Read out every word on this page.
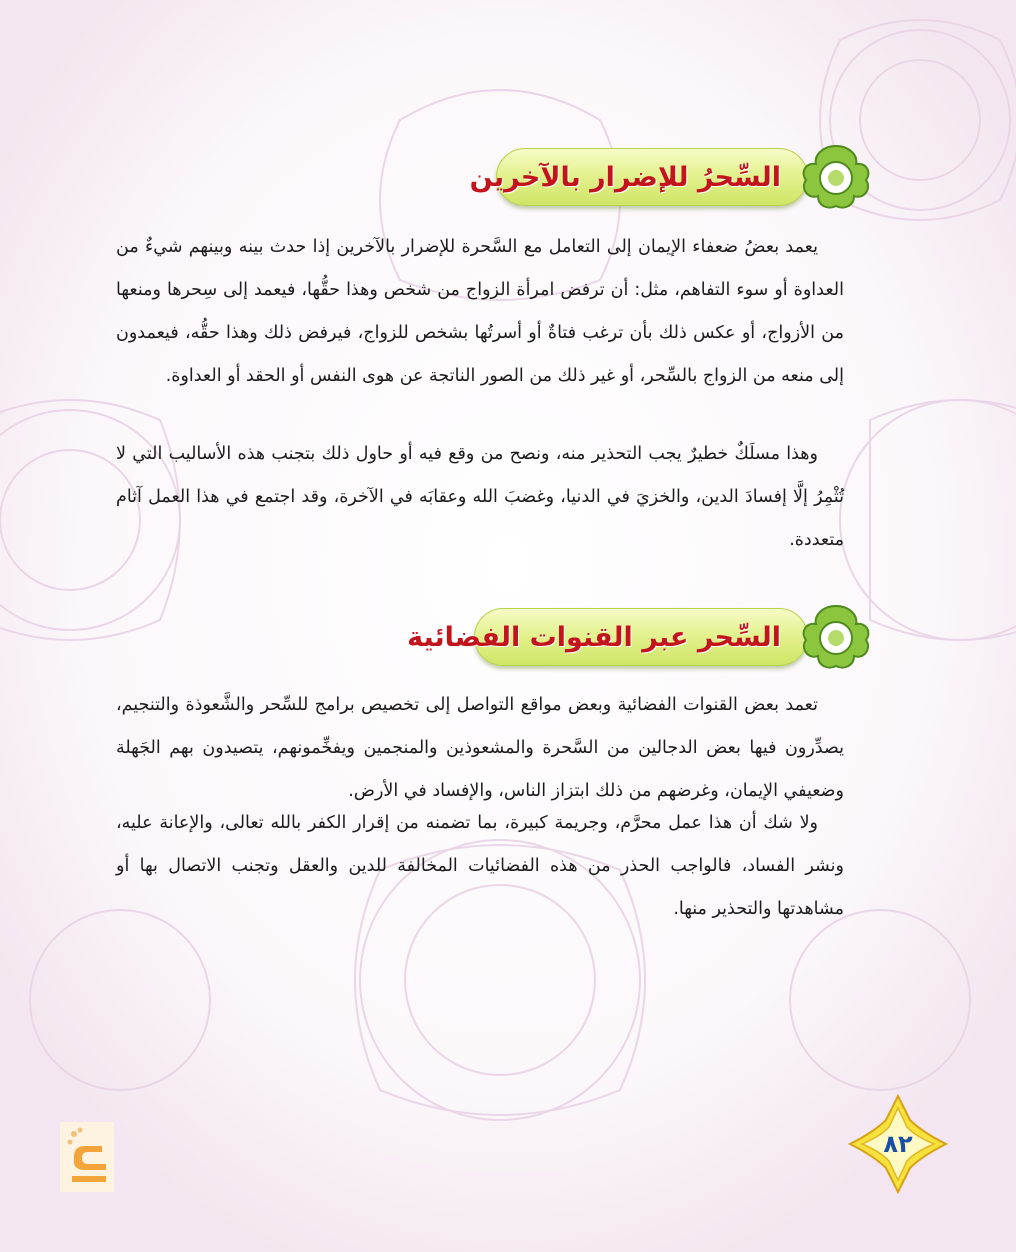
السِّحرُ للإضرار بالآخرين

يعمد بعضُ ضعفاء الإيمان إلى التعامل مع السَّحرة للإضرار بالآخرين إذا حدث بينه وبينهم شيءٌ من العداوة أو سوء التفاهم، مثل: أن ترفض امرأة الزواج من شخص وهذا حقُّها، فيعمد إلى سِحرها ومنعها من الأزواج، أو عكس ذلك بأن ترغب فتاةٌ أو أسرتُها بشخص للزواج، فيرفض ذلك وهذا حقُّه، فيعمدون إلى منعه من الزواج بالسِّحر، أو غير ذلك من الصور الناتجة عن هوى النفس أو الحقد أو العداوة.

وهذا مسلَكٌ خطيرٌ يجب التحذير منه، ونصح من وقع فيه أو حاول ذلك بتجنب هذه الأساليب التي لا تُثْمِرُ إلَّا إفسادَ الدين، والخزيَ في الدنيا، وغضبَ الله وعقابَه في الآخرة، وقد اجتمع في هذا العمل آثام متعددة.

السِّحر عبر القنوات الفضائية

تعمد بعض القنوات الفضائية وبعض مواقع التواصل إلى تخصيص برامج للسِّحر والشَّعوذة والتنجيم، يصدِّرون فيها بعض الدجالين من السَّحرة والمشعوذين والمنجمين ويفخِّمونهم، يتصيدون بهم الجَهلة وضعيفي الإيمان، وغرضهم من ذلك ابتزاز الناس، والإفساد في الأرض.

ولا شك أن هذا عمل محرَّم، وجريمة كبيرة، بما تضمنه من إقرار الكفر بالله تعالى، والإعانة عليه، ونشر الفساد، فالواجب الحذر من هذه الفضائيات المخالفة للدين والعقل وتجنب الاتصال بها أو مشاهدتها والتحذير منها.

٨٢
